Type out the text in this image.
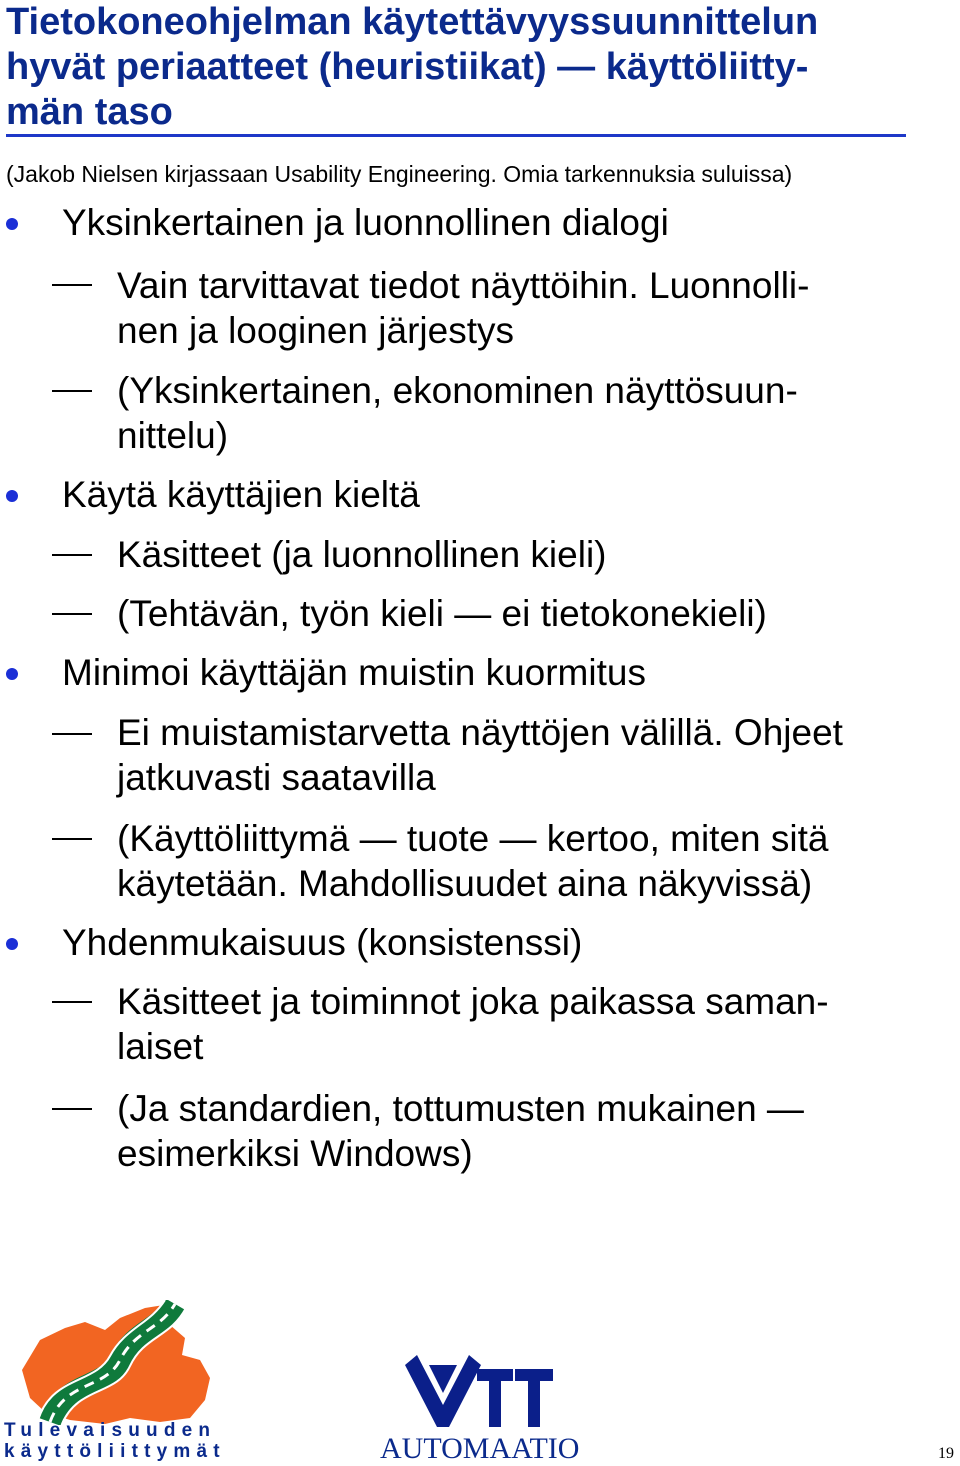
Tietokoneohjelman käytettävyyssuunnittelun
hyvät periaatteet (heuristiikat) — käyttöliitty-
män taso
(Jakob Nielsen kirjassaan Usability Engineering. Omia tarkennuksia suluissa)
Yksinkertainen ja luonnollinen dialogi
Vain tarvittavat tiedot näyttöihin. Luonnolli-
nen ja looginen järjestys
(Yksinkertainen, ekonominen näyttösuun-
nittelu)
Käytä käyttäjien kieltä
Käsitteet (ja luonnollinen kieli)
(Tehtävän, työn kieli — ei tietokonekieli)
Minimoi käyttäjän muistin kuormitus
Ei muistamistarvetta näyttöjen välillä. Ohjeet
jatkuvasti saatavilla
(Käyttöliittymä — tuote — kertoo, miten sitä
käytetään. Mahdollisuudet aina näkyvissä)
Yhdenmukaisuus (konsistenssi)
Käsitteet ja toiminnot joka paikassa saman-
laiset
(Ja standardien, tottumusten mukainen —
esimerkiksi Windows)
Tulevaisuuden
käyttöliittymät
VTT
AUTOMAATIO	19
